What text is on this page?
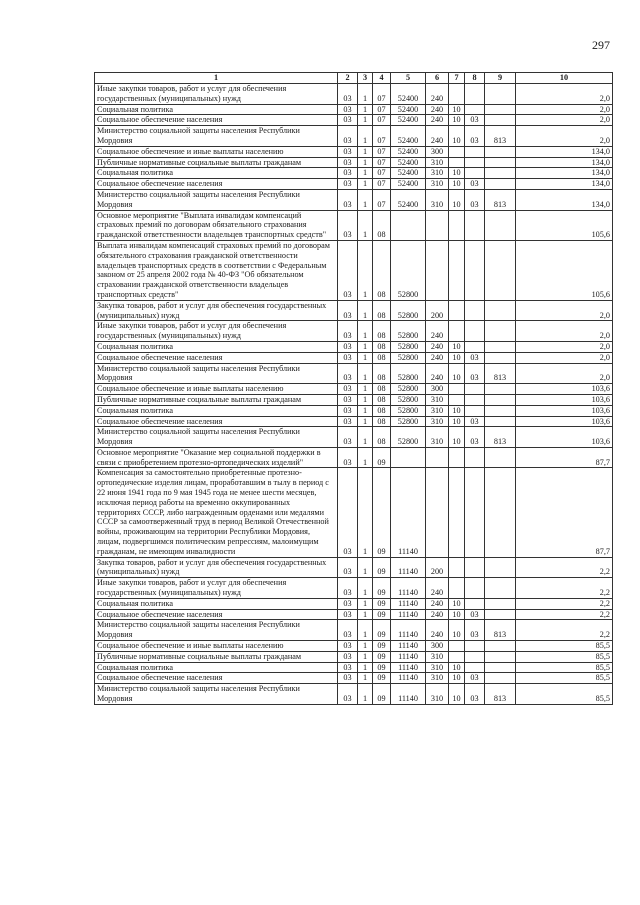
297
1	2	3	4	5	6	7	8	9	10
Иные закупки товаров, работ и услуг для обеспечения государственных (муниципальных) нужд	03	1	07	52400	240				2,0
Социальная политика	03	1	07	52400	240	10			2,0
Социальное обеспечение населения	03	1	07	52400	240	10	03		2,0
Министерство социальной защиты населения Республики Мордовия	03	1	07	52400	240	10	03	813	2,0
Социальное обеспечение и иные выплаты населению	03	1	07	52400	300				134,0
Публичные нормативные социальные выплаты гражданам	03	1	07	52400	310				134,0
Социальная политика	03	1	07	52400	310	10			134,0
Социальное обеспечение населения	03	1	07	52400	310	10	03		134,0
Министерство социальной защиты населения Республики Мордовия	03	1	07	52400	310	10	03	813	134,0
Основное мероприятие "Выплата инвалидам компенсаций страховых премий по договорам обязательного страхования гражданской ответственности владельцев транспортных средств"	03	1	08						105,6
Выплата инвалидам компенсаций страховых премий по договорам обязательного страхования гражданской ответственности владельцев транспортных средств в соответствии с Федеральным законом от 25 апреля 2002 года № 40-ФЗ "Об обязательном страховании гражданской ответственности владельцев транспортных средств"	03	1	08	52800					105,6
Закупка товаров, работ и услуг для обеспечения государственных (муниципальных) нужд	03	1	08	52800	200				2,0
Иные закупки товаров, работ и услуг для обеспечения государственных (муниципальных) нужд	03	1	08	52800	240				2,0
Социальная политика	03	1	08	52800	240	10			2,0
Социальное обеспечение населения	03	1	08	52800	240	10	03		2,0
Министерство социальной защиты населения Республики Мордовия	03	1	08	52800	240	10	03	813	2,0
Социальное обеспечение и иные выплаты населению	03	1	08	52800	300				103,6
Публичные нормативные социальные выплаты гражданам	03	1	08	52800	310				103,6
Социальная политика	03	1	08	52800	310	10			103,6
Социальное обеспечение населения	03	1	08	52800	310	10	03		103,6
Министерство социальной защиты населения Республики Мордовия	03	1	08	52800	310	10	03	813	103,6
Основное мероприятие "Оказание мер социальной поддержки в связи с приобретением протезно-ортопедических изделий"	03	1	09						87,7
Компенсация за самостоятельно приобретенные протезно-ортопедические изделия лицам, проработавшим в тылу в период с 22 июня 1941 года по 9 мая 1945 года не менее шести месяцев, исключая период работы на временно оккупированных территориях СССР, либо награжденным орденами или медалями СССР за самоотверженный труд в период Великой Отечественной войны, проживающим на территории Республики Мордовия, лицам, подвергшимся политическим репрессиям, малоимущим гражданам, не имеющим инвалидности	03	1	09	11140					87,7
Закупка товаров, работ и услуг для обеспечения государственных (муниципальных) нужд	03	1	09	11140	200				2,2
Иные закупки товаров, работ и услуг для обеспечения государственных (муниципальных) нужд	03	1	09	11140	240				2,2
Социальная политика	03	1	09	11140	240	10			2,2
Социальное обеспечение населения	03	1	09	11140	240	10	03		2,2
Министерство социальной защиты населения Республики Мордовия	03	1	09	11140	240	10	03	813	2,2
Социальное обеспечение и иные выплаты населению	03	1	09	11140	300				85,5
Публичные нормативные социальные выплаты гражданам	03	1	09	11140	310				85,5
Социальная политика	03	1	09	11140	310	10			85,5
Социальное обеспечение населения	03	1	09	11140	310	10	03		85,5
Министерство социальной защиты населения Республики Мордовия	03	1	09	11140	310	10	03	813	85,5
